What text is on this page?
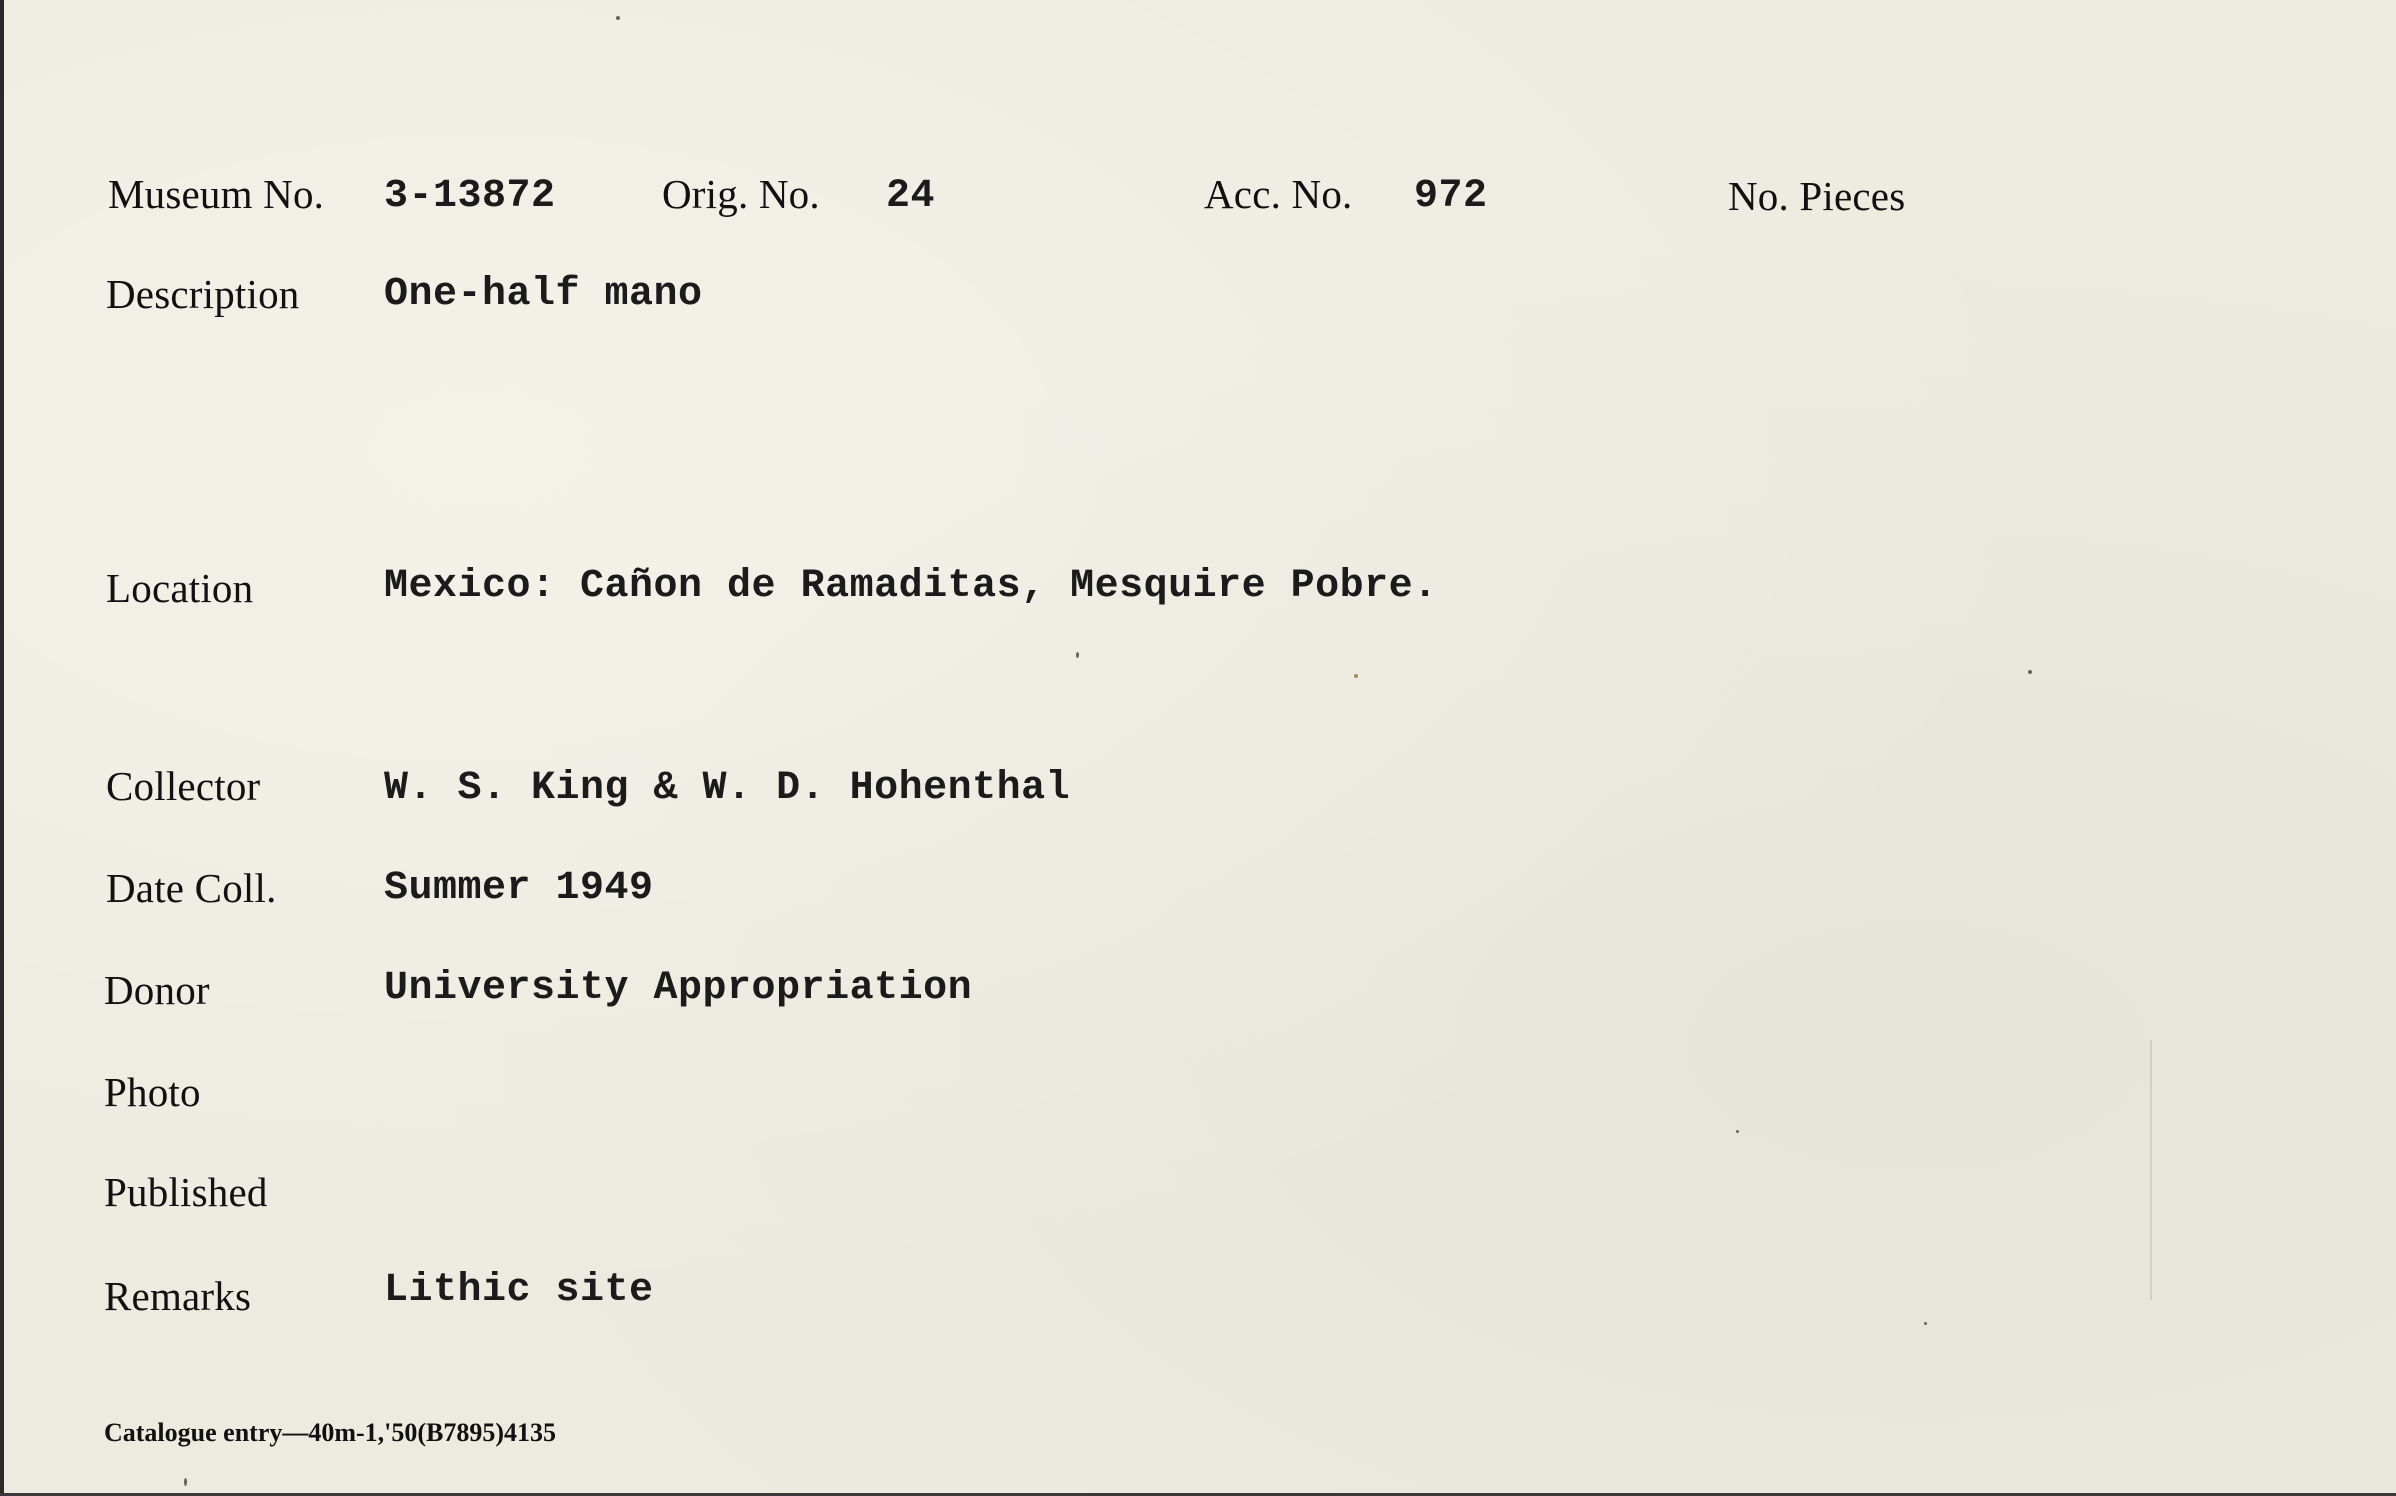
Museum No. 3-13872	Orig. No. 24	Acc. No. 972	No. Pieces
Description One-half mano
Location	Mexico: Cañon de Ramaditas, Mesquire Pobre.
Collector	W. S. King & W. D. Hohenthal
Date Coll.	Summer 1949
Donor	University Appropriation
Photo
Published
Remarks	Lithic site
Catalogue entry—40m-1,'50(B7895)4135
